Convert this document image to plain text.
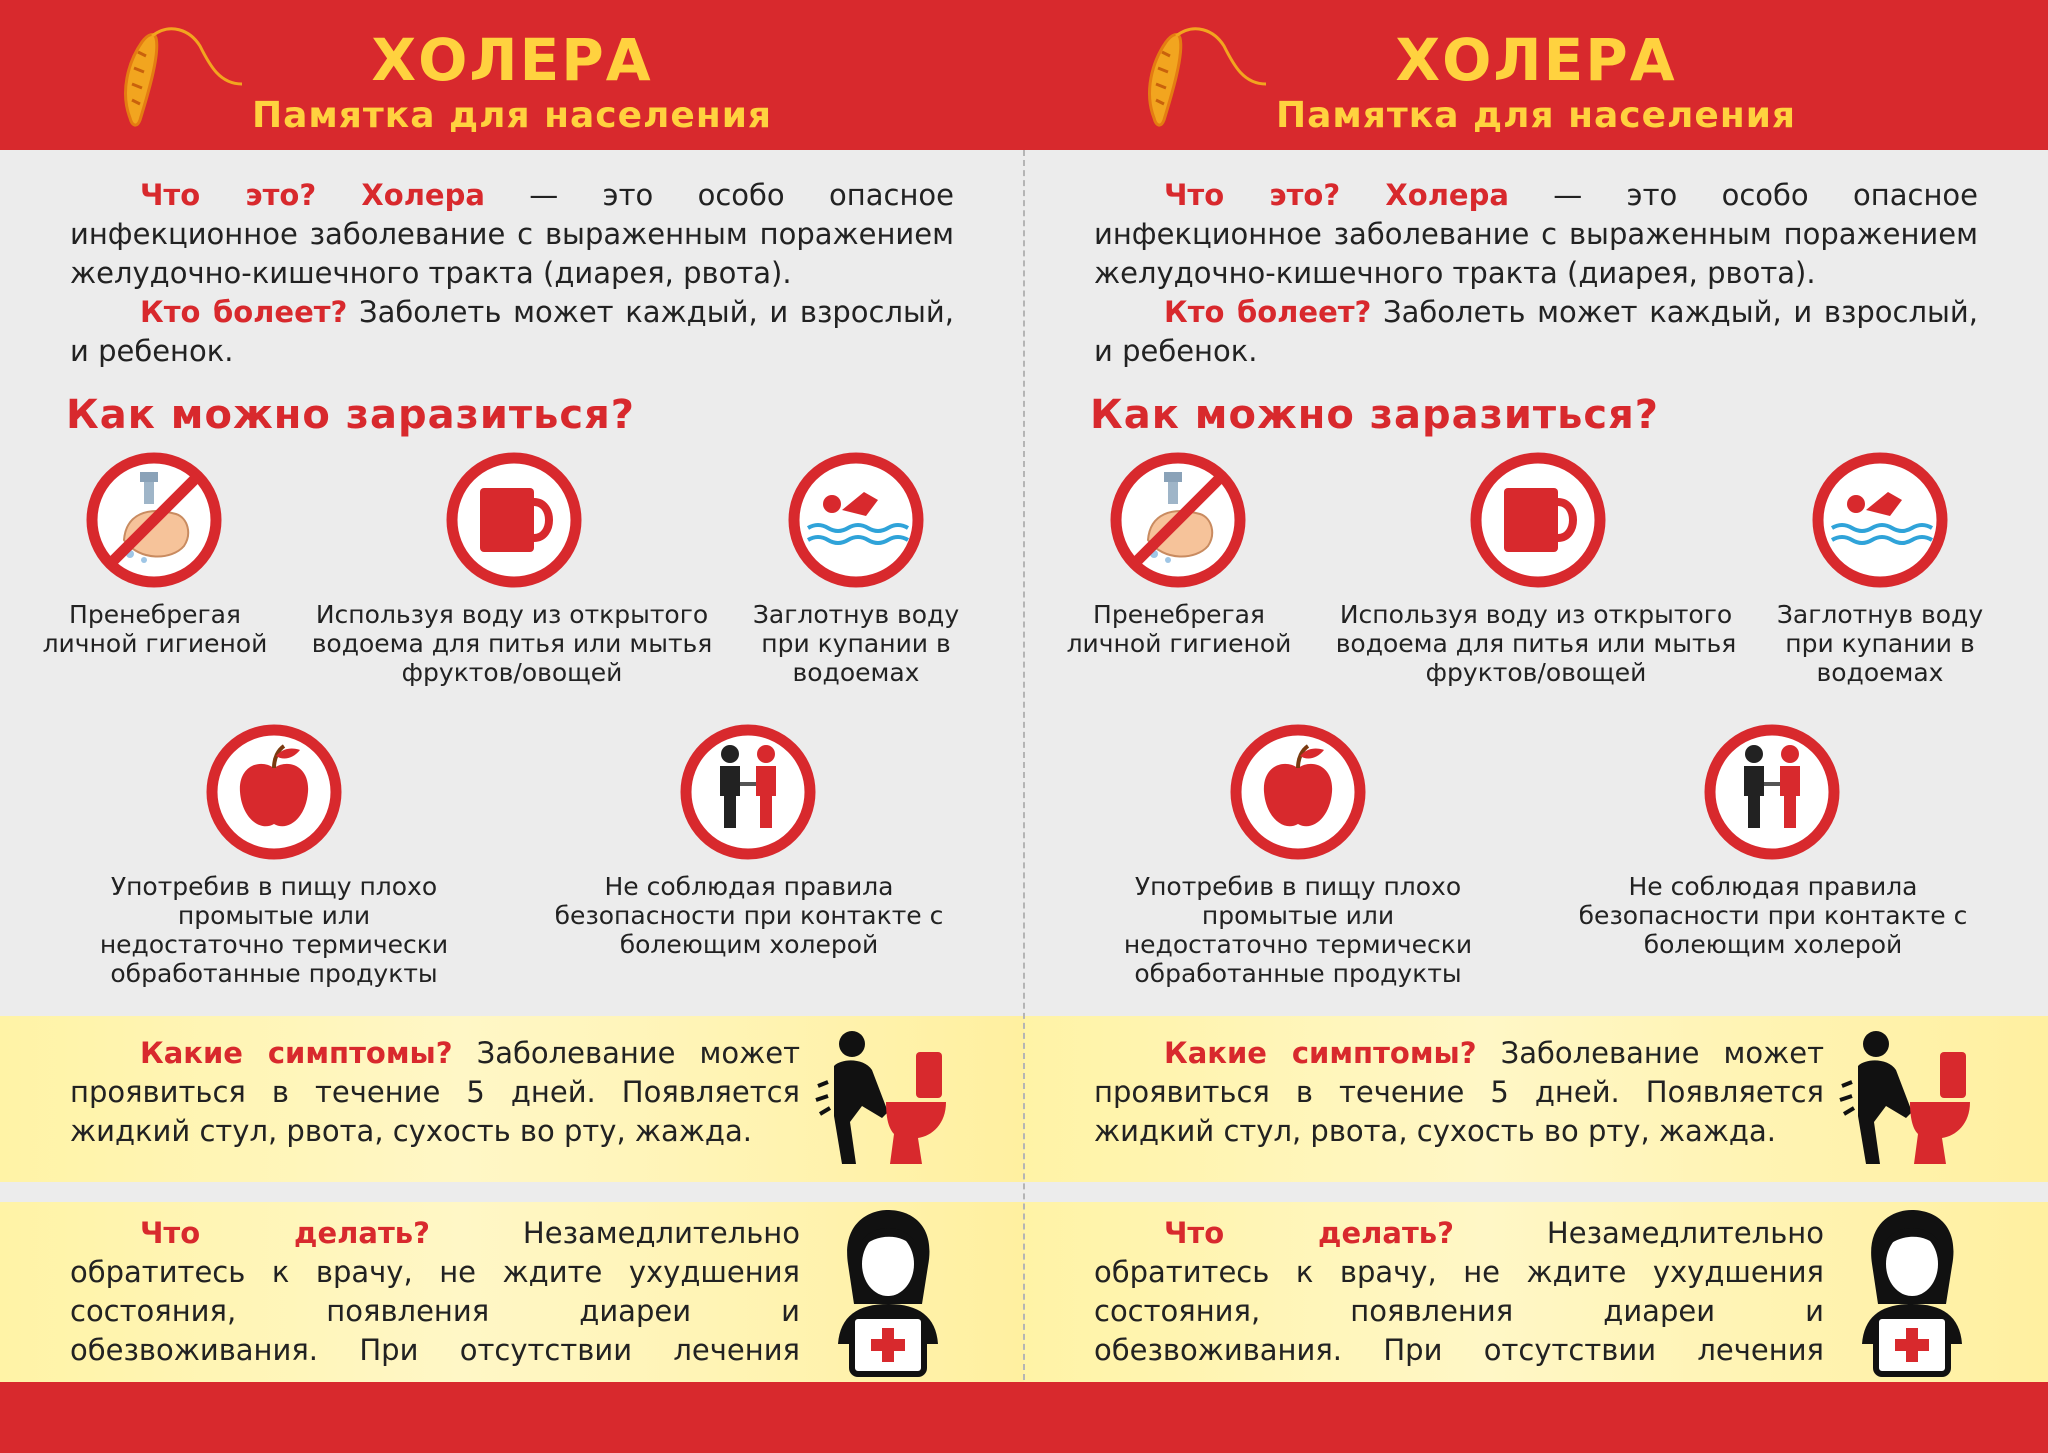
ХОЛЕРА
Памятка для населения

Что это? Холера — это особо опасное инфекционное заболевание с выраженным поражением желудочно-кишечного тракта (диарея, рвота).

Кто болеет? Заболеть может каждый, и взрослый, и ребенок.

Как можно заразиться?
Пренебрегая личной гигиеной
Используя воду из открытого водоема для питья или мытья фруктов/овощей
Заглотнув воду при купании в водоемах
Употребив в пищу плохо промытые или недостаточно термически обработанные продукты
Не соблюдая правила безопасности при контакте с болеющим холерой

Какие симптомы? Заболевание может проявиться в течение 5 дней. Появляется жидкий стул, рвота, сухость во рту, жажда.

Что делать?	Незамедлительно обратитесь к врачу, не ждите ухудшения состояния, появления диареи и обезвоживания. При отсутствии лечения

ХОЛЕРА
Памятка для населения

Что это? Холера — это особо опасное инфекционное заболевание с выраженным поражением желудочно-кишечного тракта (диарея, рвота).

Кто болеет? Заболеть может каждый, и взрослый, и ребенок.

Как можно заразиться?
Пренебрегая личной гигиеной
Используя воду из открытого водоема для питья или мытья фруктов/овощей
Заглотнув воду при купании в водоемах
Употребив в пищу плохо промытые или недостаточно термически обработанные продукты
Не соблюдая правила безопасности при контакте с болеющим холерой

Какие симптомы? Заболевание может проявиться в течение 5 дней. Появляется жидкий стул, рвота, сухость во рту, жажда.

Что делать?	Незамедлительно обратитесь к врачу, не ждите ухудшения состояния, появления диареи и обезвоживания. При отсутствии лечения
